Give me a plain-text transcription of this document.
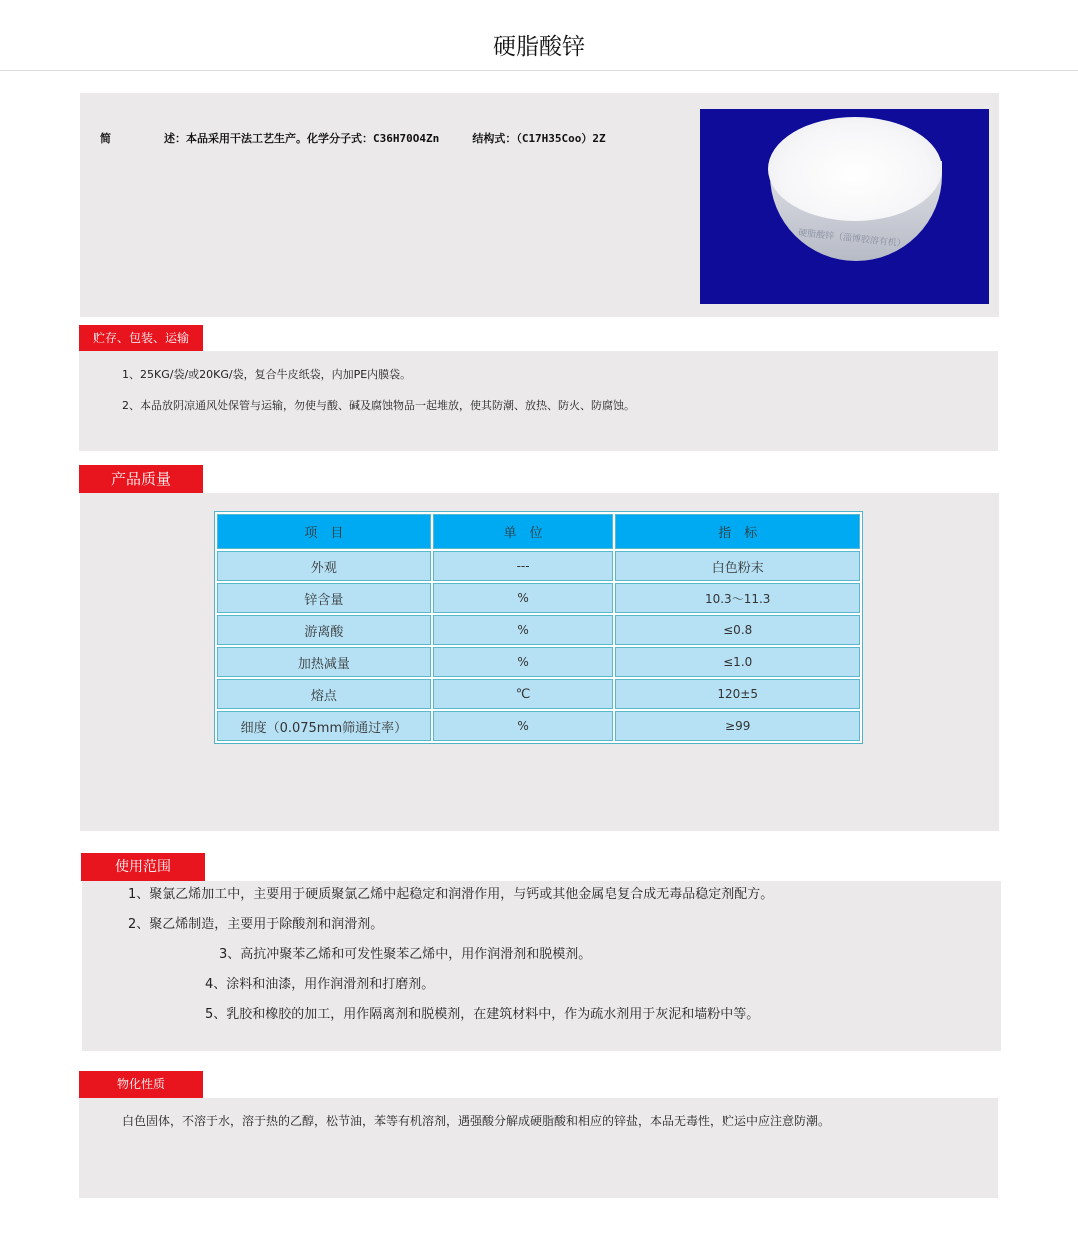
硬脂酸锌
简        述：本品采用干法工艺生产。化学分子式：C36H70O4Zn     结构式：（C17H35Coo）2Z
硬脂酸锌（淄博胶溶有机）
贮存、包装、运输
1、25KG/袋/或20KG/袋，复合牛皮纸袋，内加PE内膜袋。
2、本品放阴凉通风处保管与运输，勿使与酸、碱及腐蚀物品一起堆放，使其防潮、放热、防火、防腐蚀。
产品质量
项　目	单　位	指　标
外观	---	白色粉末
锌含量	%	10.3～11.3
游离酸	%	≤0.8
加热减量	%	≤1.0
熔点	℃	120±5
细度（0.075mm筛通过率）	%	≥99
使用范围
1、聚氯乙烯加工中，主要用于硬质聚氯乙烯中起稳定和润滑作用，与钙或其他金属皂复合成无毒品稳定剂配方。
2、聚乙烯制造，主要用于除酸剂和润滑剂。
3、高抗冲聚苯乙烯和可发性聚苯乙烯中，用作润滑剂和脱模剂。
4、涂料和油漆，用作润滑剂和打磨剂。
5、乳胶和橡胶的加工，用作隔离剂和脱模剂，在建筑材料中，作为疏水剂用于灰泥和墙粉中等。
物化性质
白色固体，不溶于水，溶于热的乙醇，松节油，苯等有机溶剂，遇强酸分解成硬脂酸和相应的锌盐，本品无毒性，贮运中应注意防潮。
